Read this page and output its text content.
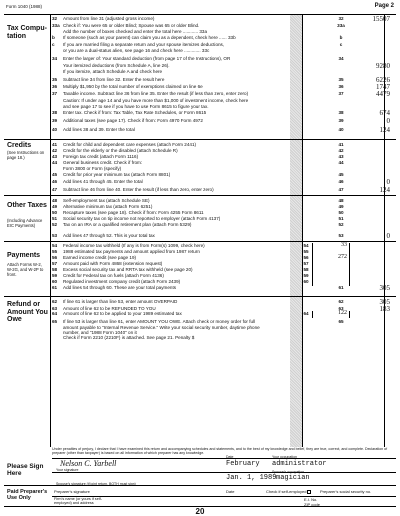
Form 1040 (1988)	Page 2
Tax Compu-tation
Credits
(See Instructions on page 18.)
Other Taxes
(Including Advance EIC Payments)
Payments
Attach Forms W-2, W-2G, and W-2P to front.
Refund or Amount You Owe
32	Amount from line 31 (adjusted gross income)	32	15507
33a Check if: You were 65 or older Blind; Spouse was 65 or older Blind.	33a
Add the number of boxes checked and enter the total here ............ 33a
b	If someone (such as your parent) can claim you as a dependent, check here ...... 33b	b
c	If you are married filing a separate return and your spouse itemizes deductions,	c
or you are a dual-status alien, see page 16 and check here ............. 33c
34	Enter the larger of: Your standard deduction (from page 17 of the Instructions), OR	34
Your itemized deductions (from Schedule A, line 26).	9280
If you itemize, attach Schedule A and check here
35	Subtract line 34 from line 32. Enter the result here	35	6226
36	Multiply $1,950 by the total number of exemptions claimed on line 6e	36	1747
37	Taxable income. Subtract line 36 from line 35. Enter the result (if less than zero, enter zero)	37	4479
Caution: If under age 14 and you have more than $1,000 of investment income, check here
and see page 17 to see if you have to use Form 8615 to figure your tax.
38	Enter tax. Check if from: Tax Table, Tax Rate Schedules, or Form 8615	38	674
39	Additional taxes (see page 17). Check if from: Form 4970 Form 4972	39	0
40	Add lines 38 and 39. Enter the total	40	124
41	Credit for child and dependent care expenses (attach Form 2441)	41
42	Credit for the elderly or the disabled (attach Schedule R)	42
43	Foreign tax credit (attach Form 1116)	43
44	General business credit. Check if from:	44
Form 3800 or Form (specify)
45	Credit for prior year minimum tax (attach Form 8801)	45
46	Add lines 41 through 45. Enter the total	46	0
47	Subtract line 46 from line 40. Enter the result (if less than zero, enter zero)	47	124
48	Self-employment tax (attach Schedule SE)	48
49	Alternative minimum tax (attach Form 6251)	49
50	Recapture taxes (see page 18). Check if from: Form 4255 Form 8611	50
51	Social security tax on tip income not reported to employer (attach Form 4137)	51
52	Tax on an IRA or a qualified retirement plan (attach Form 5329)	52
53	Add lines 47 through 52. This is your total tax	53	0
54	Federal income tax withheld (If any is from Form(s) 1099, check here)	54	33
55	1988 estimated tax payments and amount applied from 1987 return	55
56	Earned income credit (see page 19)	56	272
57	Amount paid with Form 4868 (extension request)	57
58	Excess social security tax and RRTA tax withheld (see page 20)	58
59	Credit for Federal tax on fuels (attach Form 4136)	59
60	Regulated investment company credit (attach Form 2439)	60
61	Add lines 54 through 60. These are your total payments	61	305
62	If line 61 is larger than line 53, enter amount OVERPAID	62	305
63	Amount of line 62 to be REFUNDED TO YOU	63	183
64	Amount of line 62 to be applied to your 1989 estimated tax	64	122
65	If line 53 is larger than line 61, enter AMOUNT YOU OWE. Attach check or money order for full	65
amount payable to "Internal Revenue Service." Write your social security number, daytime phone
number, and "1988 Form 1040" on it
Check if Form 2210 (2210F) is attached. See page 21. Penalty $
Please Sign Here
Under penalties of perjury, I declare that I have examined this return and accompanying schedules and statements, and to the best of my knowledge and belief, they are true, correct, and complete. Declaration of preparer (other than taxpayer) is based on all information of which preparer has any knowledge.
Nelson C. Yarbell	February administrator
Jan. 1, 1989 magician
Your signature
Date	Your occupation
Spouse's signature (if joint return, BOTH must sign)
Spouse's occupation
Paid Preparer's Use Only
Preparer's signature	Date	Check if self-employed	Preparer's social security no.
Firm's name (or yours if self-employed) and address
E.I. No.
ZIP code
20
